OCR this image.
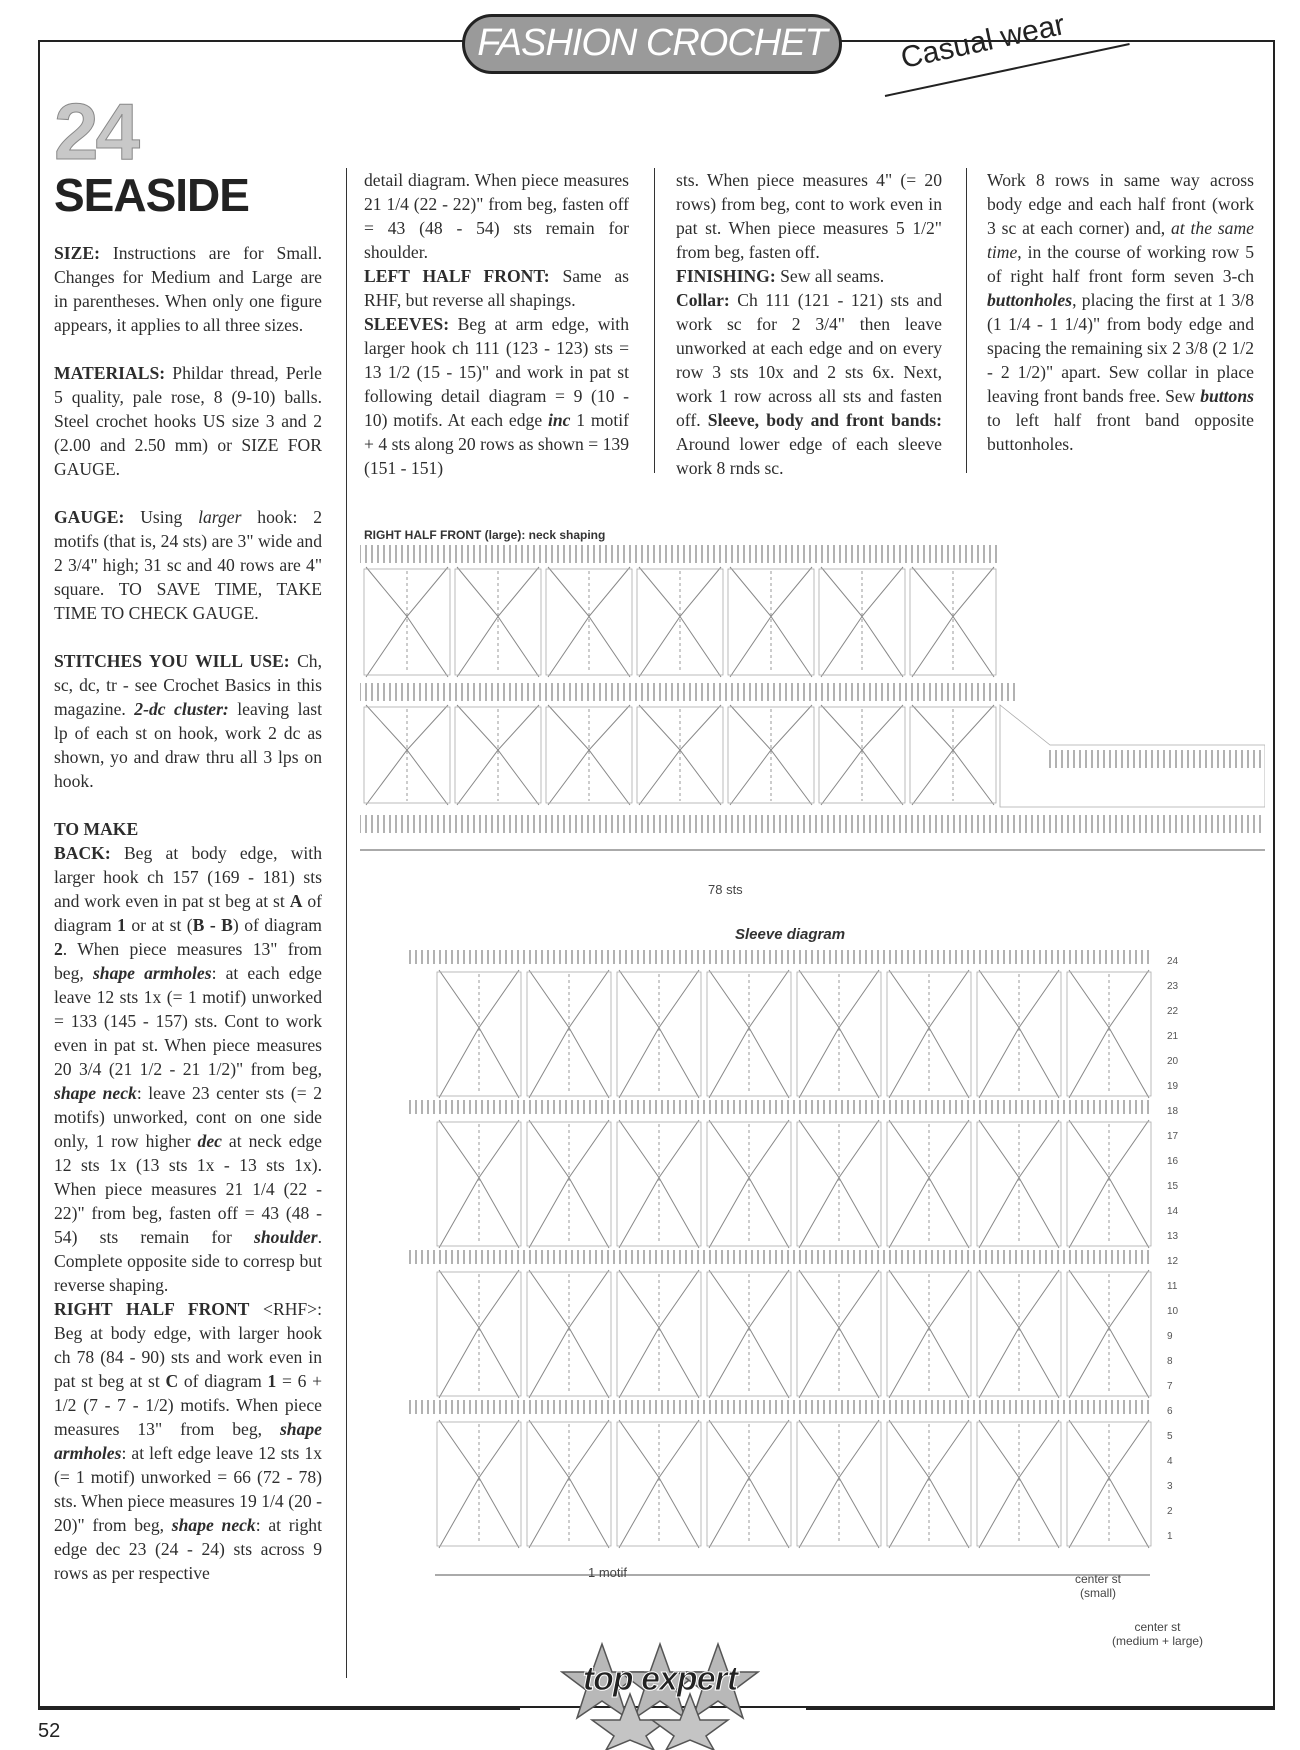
FASHION CROCHET	Casual wear
24
SEASIDE

SIZE: Instructions are for Small. Changes for Medium and Large are in parentheses. When only one figure appears, it applies to all three sizes.

MATERIALS: Phildar thread, Perle 5 quality, pale rose, 8 (9-10) balls. Steel crochet hooks US size 3 and 2 (2.00 and 2.50 mm) or SIZE FOR GAUGE.

GAUGE: Using larger hook: 2 motifs (that is, 24 sts) are 3" wide and 2 3/4" high; 31 sc and 40 rows are 4" square. TO SAVE TIME, TAKE TIME TO CHECK GAUGE.

STITCHES YOU WILL USE: Ch, sc, dc, tr - see Crochet Basics in this magazine. 2-dc cluster: leaving last lp of each st on hook, work 2 dc as shown, yo and draw thru all 3 lps on hook.

TO MAKE

BACK: Beg at body edge, with larger hook ch 157 (169 - 181) sts and work even in pat st beg at st A of diagram 1 or at st (B - B) of diagram 2. When piece measures 13" from beg, shape armholes: at each edge leave 12 sts 1x (= 1 motif) unworked = 133 (145 - 157) sts. Cont to work even in pat st. When piece measures 20 3/4 (21 1/2 - 21 1/2)" from beg, shape neck: leave 23 center sts (= 2 motifs) unworked, cont on one side only, 1 row higher dec at neck edge 12 sts 1x (13 sts 1x - 13 sts 1x). When piece measures 21 1/4 (22 - 22)" from beg, fasten off = 43 (48 - 54) sts remain for shoulder. Complete opposite side to corresp but reverse shaping.

RIGHT HALF FRONT <RHF>: Beg at body edge, with larger hook ch 78 (84 - 90) sts and work even in pat st beg at st C of diagram 1 = 6 + 1/2 (7 - 7 - 1/2) motifs. When piece measures 13" from beg, shape armholes: at left edge leave 12 sts 1x (= 1 motif) unworked = 66 (72 - 78) sts. When piece measures 19 1/4 (20 - 20)" from beg, shape neck: at right edge dec 23 (24 - 24) sts across 9 rows as per respective

detail diagram. When piece measures 21 1/4 (22 - 22)" from beg, fasten off = 43 (48 - 54) sts remain for shoulder.

LEFT HALF FRONT: Same as RHF, but reverse all shapings.

SLEEVES: Beg at arm edge, with larger hook ch 111 (123 - 123) sts = 13 1/2 (15 - 15)" and work in pat st following detail diagram = 9 (10 - 10) motifs. At each edge inc 1 motif + 4 sts along 20 rows as shown = 139 (151 - 151)

sts. When piece measures 4" (= 20 rows) from beg, cont to work even in pat st. When piece measures 5 1/2" from beg, fasten off.

FINISHING: Sew all seams.

Collar: Ch 111 (121 - 121) sts and work sc for 2 3/4" then leave unworked at each edge and on every row 3 sts 10x and 2 sts 6x. Next, work 1 row across all sts and fasten off. Sleeve, body and front bands: Around lower edge of each sleeve work 8 rnds sc.

Work 8 rows in same way across body edge and each half front (work 3 sc at each corner) and, at the same time, in the course of working row 5 of right half front form seven 3-ch buttonholes, placing the first at 1 3/8 (1 1/4 - 1 1/4)" from body edge and spacing the remaining six 2 3/8 (2 1/2 - 2 1/2)" apart. Sew collar in place leaving front bands free. Sew buttons to left half front band opposite buttonholes.

RIGHT HALF FRONT (large): neck shaping
78 sts
Sleeve diagram
24
23
22
21
20
19
18
17
16
15
14
13
12
11
10
9
8
7
6
5
4
3
2
1
1 motif	center st
(small)
center st
(medium + large)
top expert
52
